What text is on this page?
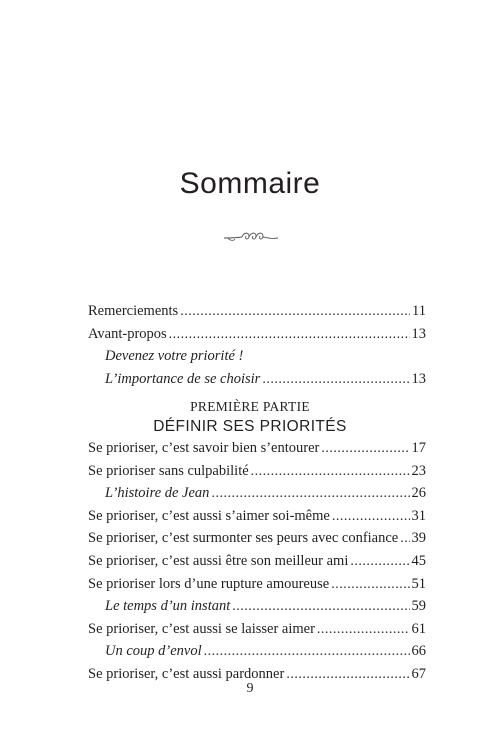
Sommaire
Remerciements .....	11
Avant-propos .....	13
Devenez votre priorité !
L’importance de se choisir .....	13
PREMIÈRE PARTIE
DÉFINIR SES PRIORITÉS
Se prioriser, c’est savoir bien s’entourer .....	17
Se prioriser sans culpabilité .....	23
L’histoire de Jean .....	26
Se prioriser, c’est aussi s’aimer soi-même .....	31
Se prioriser, c’est surmonter ses peurs avec confiance ..... 39
Se prioriser, c’est aussi être son meilleur ami .....	45
Se prioriser lors d’une rupture amoureuse .....	51
Le temps d’un instant .....	59
Se prioriser, c’est aussi se laisser aimer .....	61
Un coup d’envol .....	66
Se prioriser, c’est aussi pardonner .....	67
9
